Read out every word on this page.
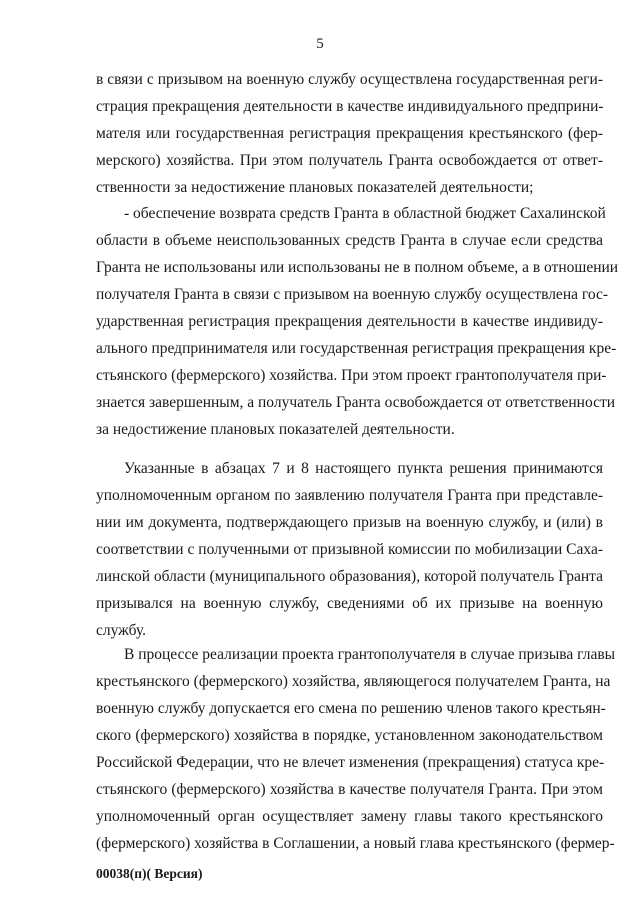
5
в связи с призывом на военную службу осуществлена государственная реги-
страция прекращения деятельности в качестве индивидуального предприни-
мателя или государственная регистрация прекращения крестьянского (фер-
мерского) хозяйства. При этом получатель Гранта освобождается от ответ-
ственности за недостижение плановых показателей деятельности;
- обеспечение возврата средств Гранта в областной бюджет Сахалинской
области в объеме неиспользованных средств Гранта в случае если средства
Гранта не использованы или использованы не в полном объеме, а в отношении
получателя Гранта в связи с призывом на военную службу осуществлена гос-
ударственная регистрация прекращения деятельности в качестве индивиду-
ального предпринимателя или государственная регистрация прекращения кре-
стьянского (фермерского) хозяйства. При этом проект грантополучателя при-
знается завершенным, а получатель Гранта освобождается от ответственности
за недостижение плановых показателей деятельности.
Указанные в абзацах 7 и 8 настоящего пункта решения принимаются
уполномоченным органом по заявлению получателя Гранта при представле-
нии им документа, подтверждающего призыв на военную службу, и (или) в
соответствии с полученными от призывной комиссии по мобилизации Саха-
линской области (муниципального образования), которой получатель Гранта
призывался на военную службу, сведениями об их призыве на военную
службу.
В процессе реализации проекта грантополучателя в случае призыва главы
крестьянского (фермерского) хозяйства, являющегося получателем Гранта, на
военную службу допускается его смена по решению членов такого крестьян-
ского (фермерского) хозяйства в порядке, установленном законодательством
Российской Федерации, что не влечет изменения (прекращения) статуса кре-
стьянского (фермерского) хозяйства в качестве получателя Гранта. При этом
уполномоченный орган осуществляет замену главы такого крестьянского
(фермерского) хозяйства в Соглашении, а новый глава крестьянского (фермер-
00038(п)( Версия)
